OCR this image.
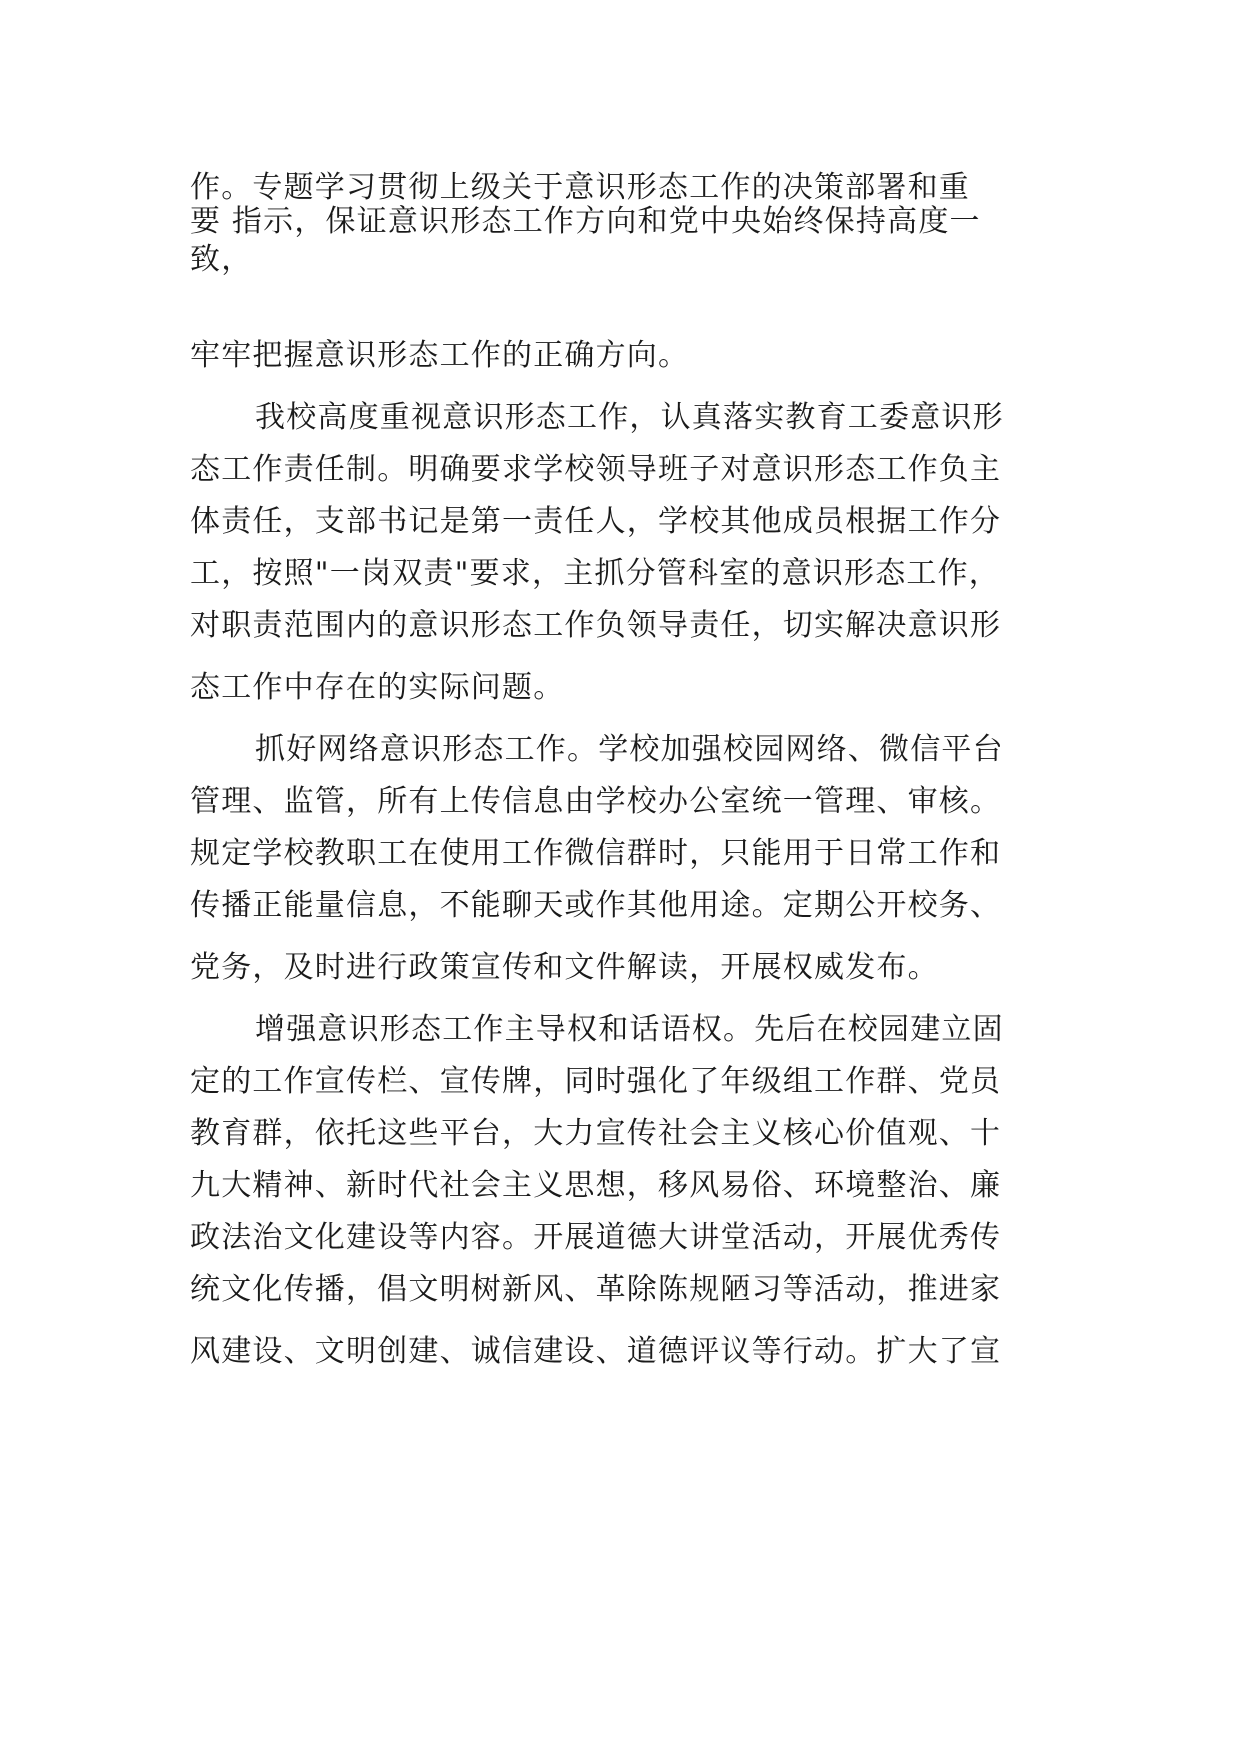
作。专题学习贯彻上级关于意识形态工作的决策部署和重
要 指示，保证意识形态工作方向和党中央始终保持高度一
致，
牢牢把握意识形态工作的正确方向。
我校高度重视意识形态工作，认真落实教育工委意识形
态工作责任制。明确要求学校领导班子对意识形态工作负主
体责任，支部书记是第一责任人，学校其他成员根据工作分
工，按照"一岗双责"要求，主抓分管科室的意识形态工作，
对职责范围内的意识形态工作负领导责任，切实解决意识形
态工作中存在的实际问题。
抓好网络意识形态工作。学校加强校园网络、微信平台
管理、监管，所有上传信息由学校办公室统一管理、审核。
规定学校教职工在使用工作微信群时，只能用于日常工作和
传播正能量信息，不能聊天或作其他用途。定期公开校务、
党务，及时进行政策宣传和文件解读，开展权威发布。
增强意识形态工作主导权和话语权。先后在校园建立固
定的工作宣传栏、宣传牌，同时强化了年级组工作群、党员
教育群，依托这些平台，大力宣传社会主义核心价值观、十
九大精神、新时代社会主义思想，移风易俗、环境整治、廉
政法治文化建设等内容。开展道德大讲堂活动，开展优秀传
统文化传播，倡文明树新风、革除陈规陋习等活动，推进家
风建设、文明创建、诚信建设、道德评议等行动。扩大了宣
